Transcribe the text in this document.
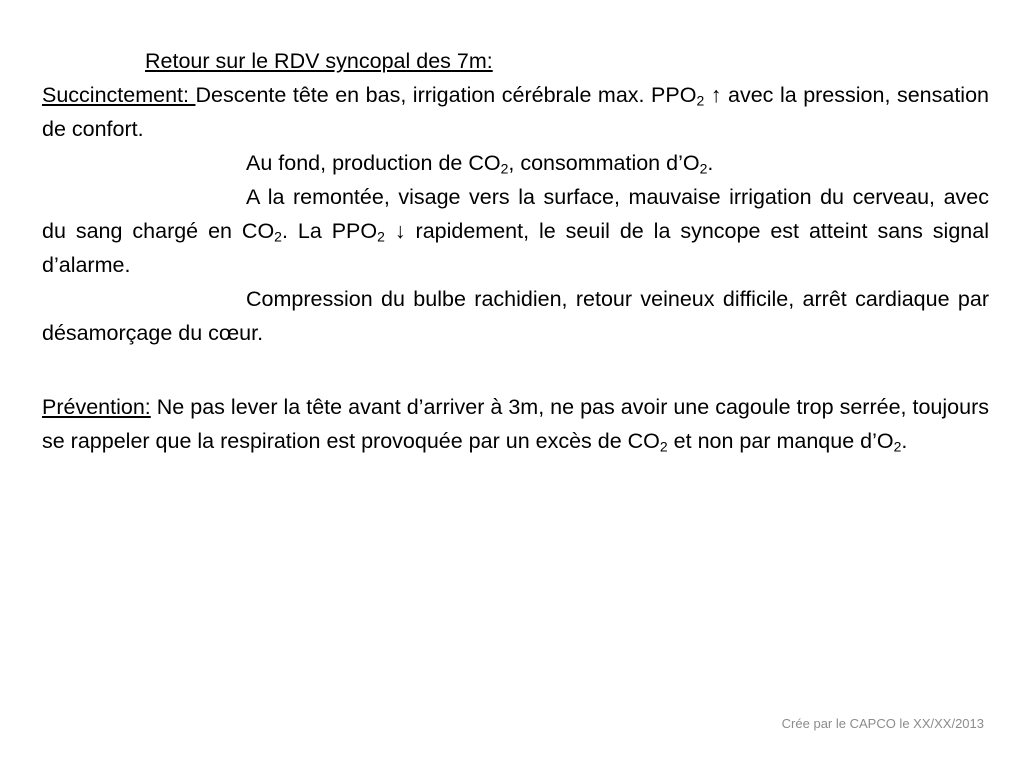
Retour sur le RDV syncopal des 7m:

Succinctement: Descente tête en bas, irrigation cérébrale max. $PPO_2$ ↑ avec la pression, sensation de confort.

Au fond, production de $CO_2$, consommation $d’O_2$.

A la remontée, visage vers la surface, mauvaise irrigation du cerveau, avec du sang chargé en $CO_2$. La $PPO_2$ ↓ rapidement, le seuil de la syncope est atteint sans signal d’alarme.

Compression du bulbe rachidien, retour veineux difficile, arrêt cardiaque par désamorçage du cœur.

Prévention: Ne pas lever la tête avant d’arriver à 3m, ne pas avoir une cagoule trop serrée, toujours se rappeler que la respiration est provoquée par un excès de $CO_2$ et non par manque $d’O_2$.

Crée par le CAPCO le XX/XX/2013
